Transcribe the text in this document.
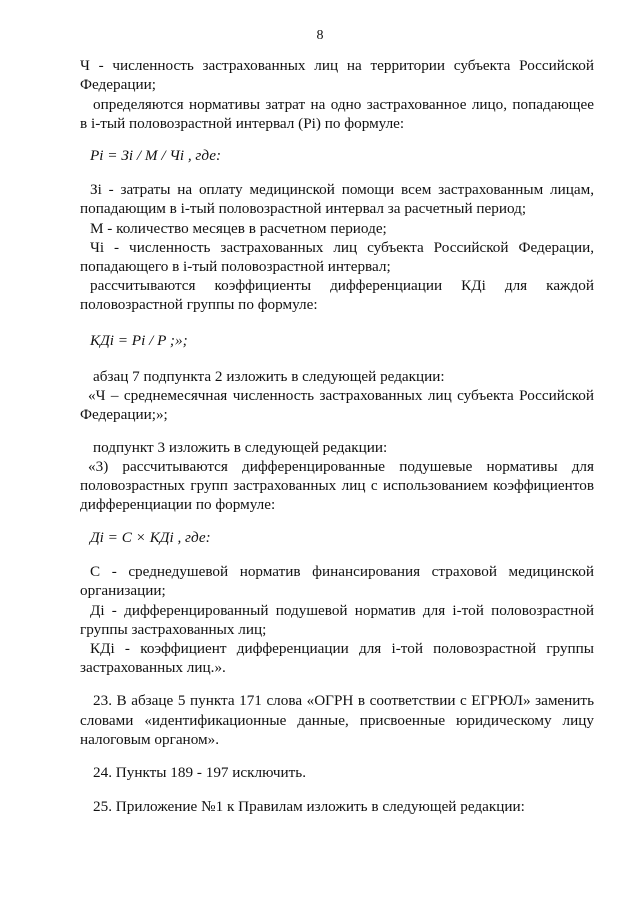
8
Ч - численность застрахованных лиц на территории субъекта Российской
Федерации;
определяются нормативы затрат на одно застрахованное лицо, попадающее
в i-тый половозрастной интервал (Pi) по формуле:
Pi = Зi / М / Чi , где:
Зi - затраты на оплату медицинской помощи всем застрахованным лицам,
попадающим в i-тый половозрастной интервал за расчетный период;
М - количество месяцев в расчетном периоде;
Чi - численность застрахованных лиц субъекта Российской Федерации,
попадающего в i-тый половозрастной интервал;
рассчитываются коэффициенты дифференциации КДi для каждой
половозрастной группы по формуле:
КДi = Pi / P ;»;
абзац 7 подпункта 2 изложить в следующей редакции:
«Ч – среднемесячная численность застрахованных лиц субъекта Российской
Федерации;»;
подпункт 3 изложить в следующей редакции:
«3) рассчитываются дифференцированные подушевые нормативы для
половозрастных групп застрахованных лиц с использованием коэффициентов
дифференциации по формуле:
Дi = С × КДi , где:
С - среднедушевой норматив финансирования страховой медицинской
организации;
Дi - дифференцированный подушевой норматив для i-той половозрастной
группы застрахованных лиц;
КДi - коэффициент дифференциации для i-той половозрастной группы
застрахованных лиц.».
23. В абзаце 5 пункта 171 слова «ОГРН в соответствии с ЕГРЮЛ» заменить
словами «идентификационные данные, присвоенные юридическому лицу
налоговым органом».
24. Пункты 189 - 197 исключить.
25. Приложение №1 к Правилам изложить в следующей редакции:
